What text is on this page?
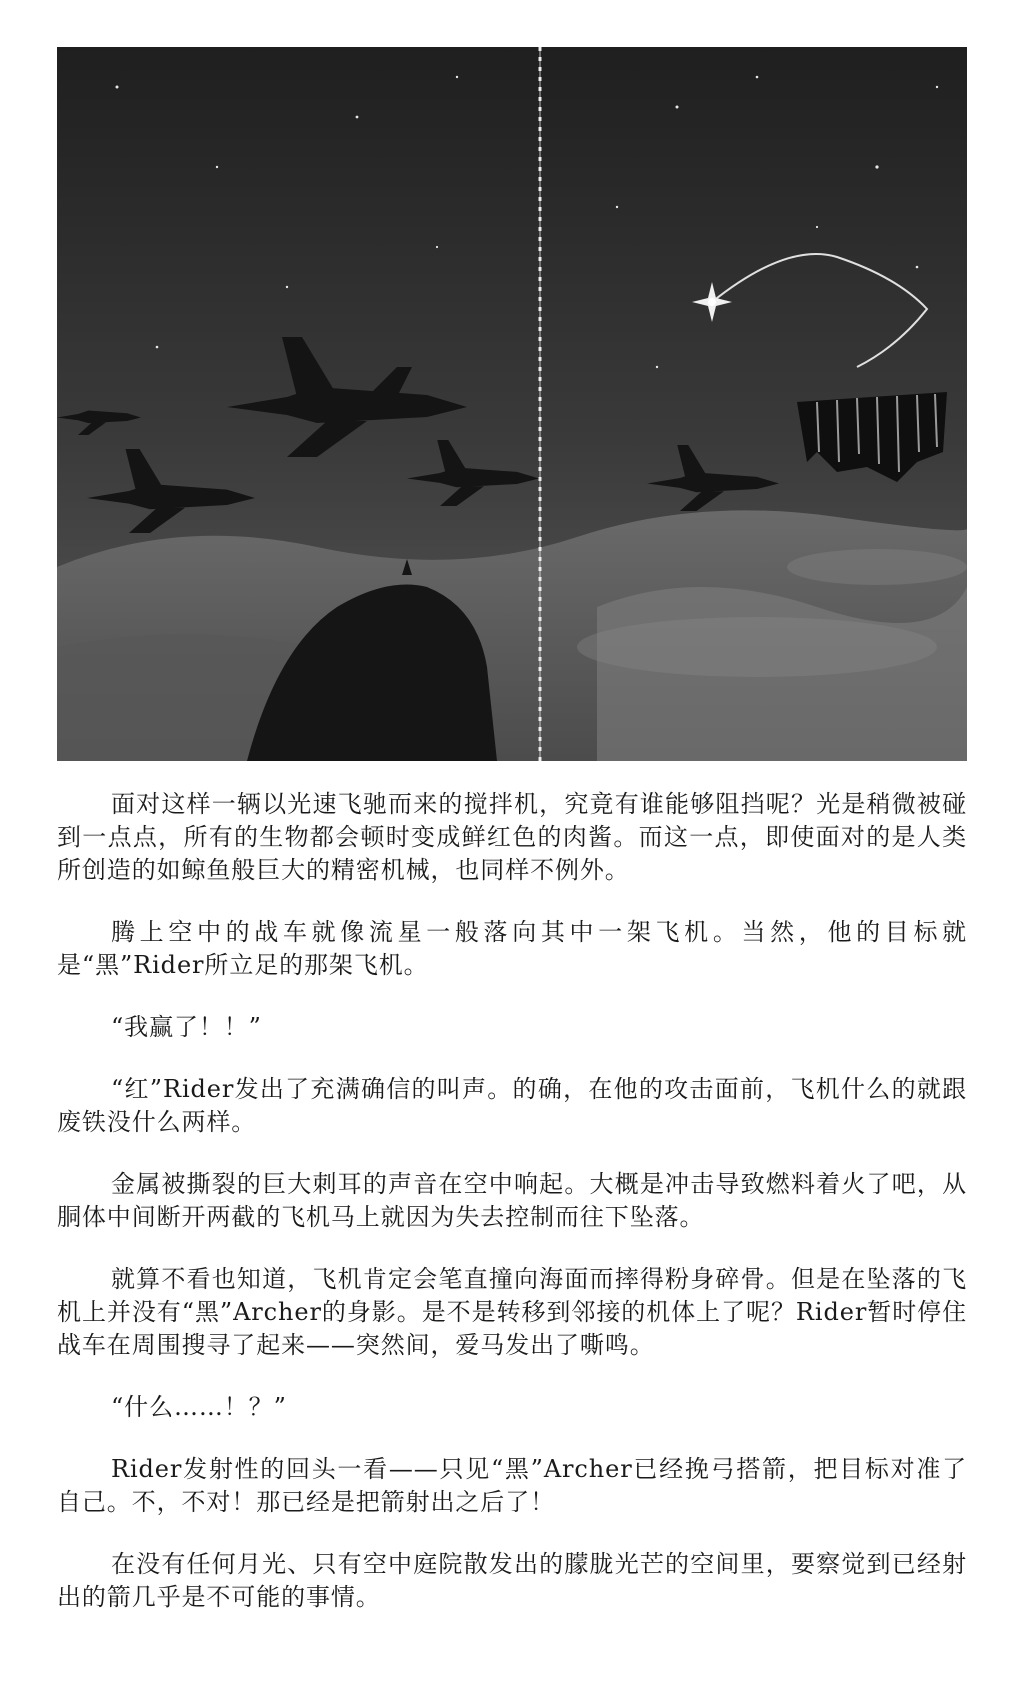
面对这样一辆以光速飞驰而来的搅拌机，究竟有谁能够阻挡呢？光是稍微被碰到一点点，所有的生物都会顿时变成鲜红色的肉酱。而这一点，即使面对的是人类所创造的如鲸鱼般巨大的精密机械，也同样不例外。

腾上空中的战车就像流星一般落向其中一架飞机。当然，他的目标就是“黑”Rider所立足的那架飞机。

“我赢了！！”

“红”Rider发出了充满确信的叫声。的确，在他的攻击面前，飞机什么的就跟废铁没什么两样。

金属被撕裂的巨大刺耳的声音在空中响起。大概是冲击导致燃料着火了吧，从胴体中间断开两截的飞机马上就因为失去控制而往下坠落。

就算不看也知道，飞机肯定会笔直撞向海面而摔得粉身碎骨。但是在坠落的飞机上并没有“黑”Archer的身影。是不是转移到邻接的机体上了呢？Rider暂时停住战车在周围搜寻了起来——突然间，爱马发出了嘶鸣。

“什么……！？”

Rider发射性的回头一看——只见“黑”Archer已经挽弓搭箭，把目标对准了自己。不，不对！那已经是把箭射出之后了！

在没有任何月光、只有空中庭院散发出的朦胧光芒的空间里，要察觉到已经射出的箭几乎是不可能的事情。
